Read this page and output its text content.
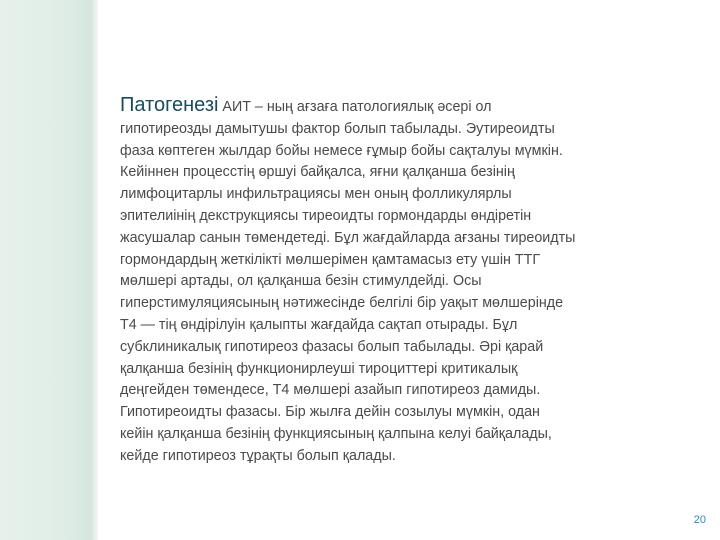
Патогенезі АИТ – ның ағзаға патологиялық әсері ол
гипотиреозды дамытушы фактор болып табылады. Эутиреоидты
фаза көптеген жылдар бойы немесе ғұмыр бойы сақталуы мүмкін.
Кейіннен процесстің өршуі байқалса, яғни қалқанша безінің
лимфоцитарлы инфильтрациясы мен оның фолликулярлы
эпителиінің декструкциясы тиреоидты гормондарды өндіретін
жасушалар санын төмендетеді. Бұл жағдайларда ағзаны тиреоидты
гормондардың жеткілікті мөлшерімен қамтамасыз ету үшін ТТГ
мөлшері артады, ол қалқанша безін стимулдейді. Осы
гиперстимуляциясының нәтижесінде белгілі бір уақыт мөлшерінде
Т4 — тің өндірілуін қалыпты жағдайда сақтап отырады. Бұл
субклиникалық гипотиреоз фазасы болып табылады. Әрі қарай
қалқанша безінің функционирлеуші тироциттері критикалық
деңгейден төмендесе, Т4 мөлшері азайып гипотиреоз дамиды.
Гипотиреоидты фазасы. Бір жылға дейін созылуы мүмкін, одан
кейін қалқанша безінің функциясының қалпына келуі байқалады,
кейде гипотиреоз тұрақты болып қалады.
20
